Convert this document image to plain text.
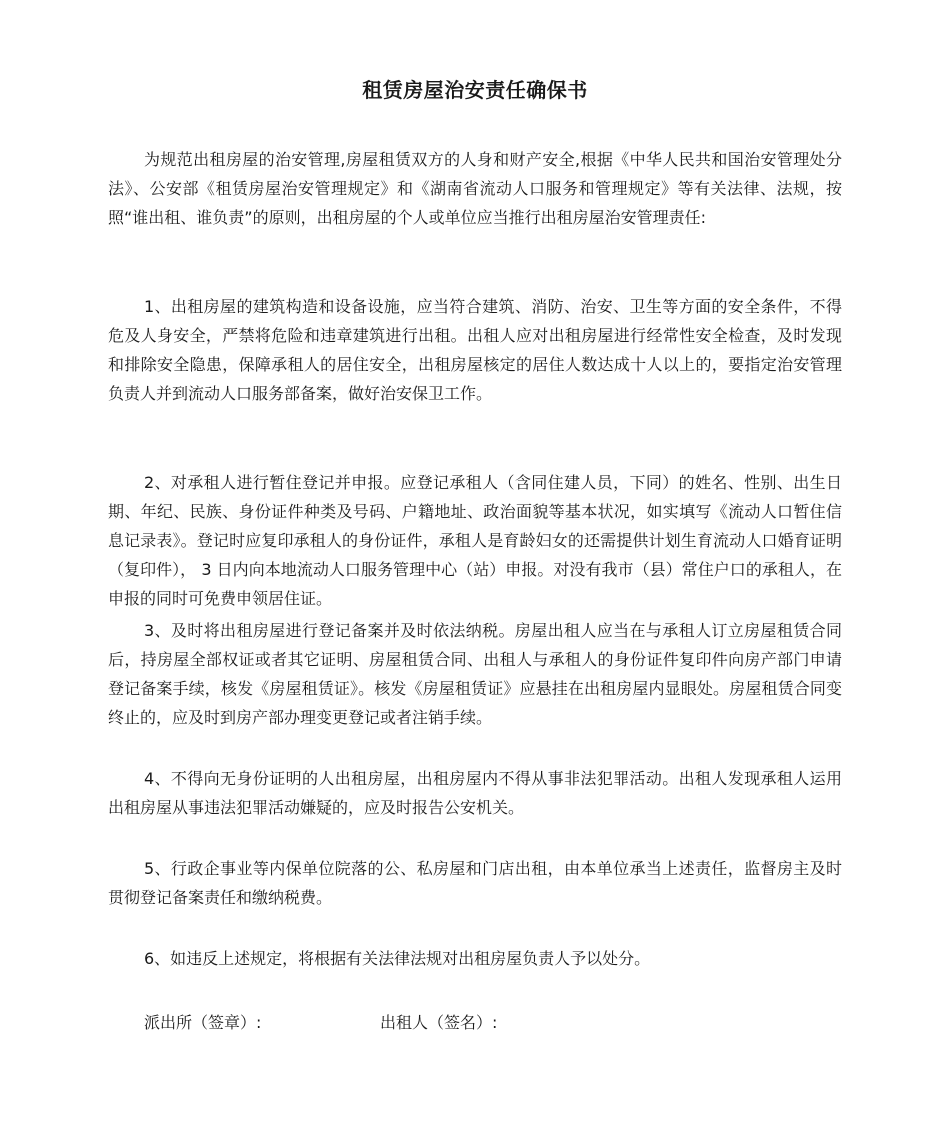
租赁房屋治安责任确保书

为规范出租房屋的治安管理,房屋租赁双方的人身和财产安全,根据《中华人民共和国治安管理处分法》、公安部《租赁房屋治安管理规定》和《湖南省流动人口服务和管理规定》等有关法律、法规，按照“谁出租、谁负责”的原则，出租房屋的个人或单位应当推行出租房屋治安管理责任:

1、出租房屋的建筑构造和设备设施，应当符合建筑、消防、治安、卫生等方面的安全条件，不得危及人身安全，严禁将危险和违章建筑进行出租。出租人应对出租房屋进行经常性安全检查，及时发现和排除安全隐患，保障承租人的居住安全，出租房屋核定的居住人数达成十人以上的，要指定治安管理负责人并到流动人口服务部备案，做好治安保卫工作。

2、对承租人进行暂住登记并申报。应登记承租人（含同住建人员，下同）的姓名、性别、出生日期、年纪、民族、身份证件种类及号码、户籍地址、政治面貌等基本状况，如实填写《流动人口暂住信息记录表》。登记时应复印承租人的身份证件，承租人是育龄妇女的还需提供计划生育流动人口婚育证明（复印件）， 3 日内向本地流动人口服务管理中心（站）申报。对没有我市（县）常住户口的承租人，在申报的同时可免费申领居住证。

3、及时将出租房屋进行登记备案并及时依法纳税。房屋出租人应当在与承租人订立房屋租赁合同后，持房屋全部权证或者其它证明、房屋租赁合同、出租人与承租人的身份证件复印件向房产部门申请登记备案手续，核发《房屋租赁证》。核发《房屋租赁证》应悬挂在出租房屋内显眼处。房屋租赁合同变终止的，应及时到房产部办理变更登记或者注销手续。

4、不得向无身份证明的人出租房屋，出租房屋内不得从事非法犯罪活动。出租人发现承租人运用出租房屋从事违法犯罪活动嫌疑的，应及时报告公安机关。

5、行政企事业等内保单位院落的公、私房屋和门店出租，由本单位承当上述责任，监督房主及时贯彻登记备案责任和缴纳税费。

6、如违反上述规定，将根据有关法律法规对出租房屋负责人予以处分。

派出所（签章）:	出租人（签名）:
